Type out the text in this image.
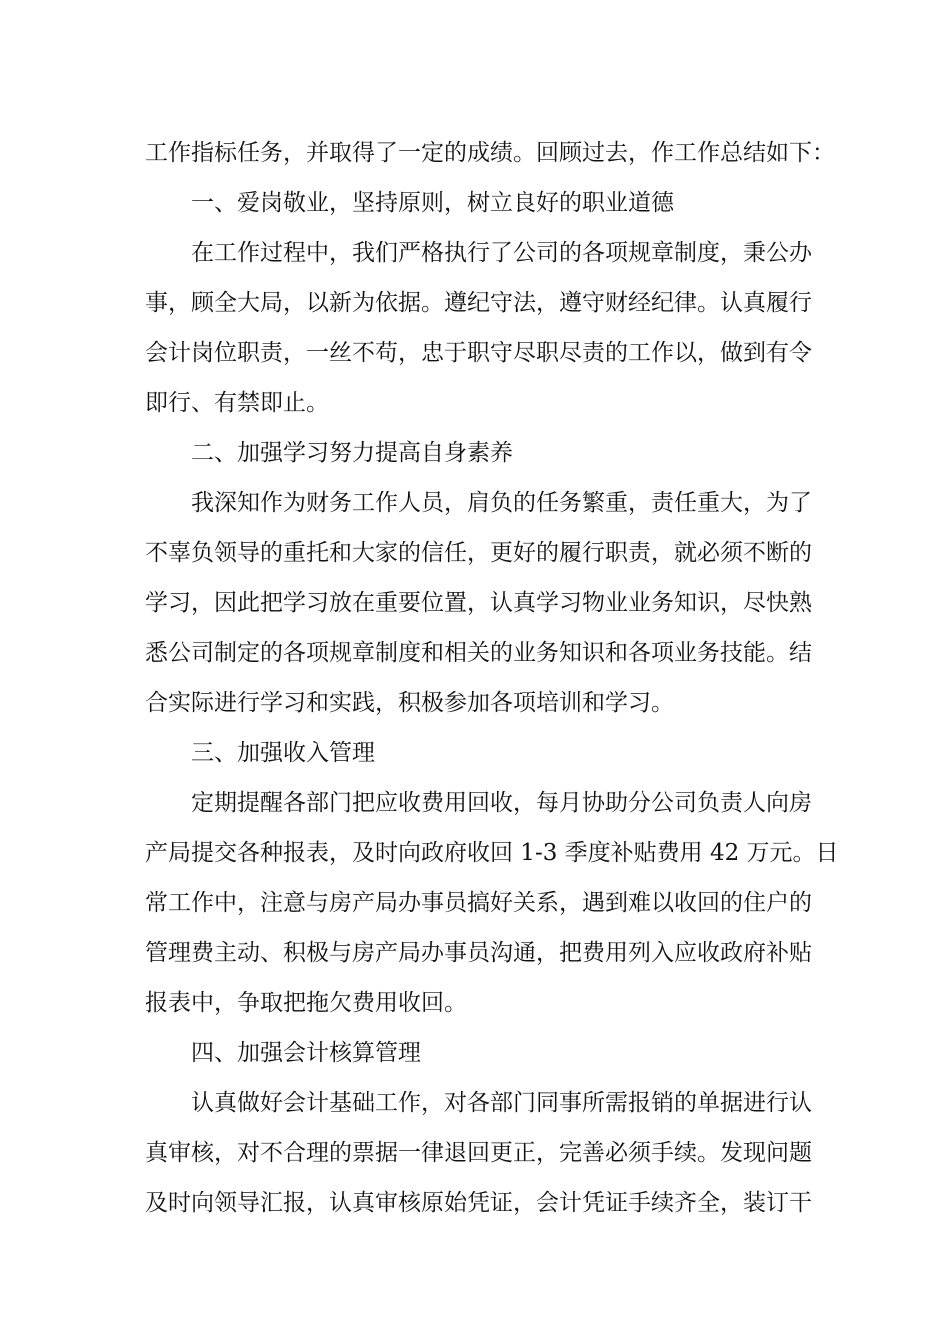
工作指标任务，并取得了一定的成绩。回顾过去，作工作总结如下：
一、爱岗敬业，坚持原则，树立良好的职业道德
在工作过程中，我们严格执行了公司的各项规章制度，秉公办
事，顾全大局，以新为依据。遵纪守法，遵守财经纪律。认真履行
会计岗位职责，一丝不苟，忠于职守尽职尽责的工作以，做到有令
即行、有禁即止。
二、加强学习努力提高自身素养
我深知作为财务工作人员，肩负的任务繁重，责任重大，为了
不辜负领导的重托和大家的信任，更好的履行职责，就必须不断的
学习，因此把学习放在重要位置，认真学习物业业务知识，尽快熟
悉公司制定的各项规章制度和相关的业务知识和各项业务技能。结
合实际进行学习和实践，积极参加各项培训和学习。
三、加强收入管理
定期提醒各部门把应收费用回收，每月协助分公司负责人向房
产局提交各种报表，及时向政府收回 1-3 季度补贴费用 42 万元。日
常工作中，注意与房产局办事员搞好关系，遇到难以收回的住户的
管理费主动、积极与房产局办事员沟通，把费用列入应收政府补贴
报表中，争取把拖欠费用收回。
四、加强会计核算管理
认真做好会计基础工作，对各部门同事所需报销的单据进行认
真审核，对不合理的票据一律退回更正，完善必须手续。发现问题
及时向领导汇报，认真审核原始凭证，会计凭证手续齐全，装订干
